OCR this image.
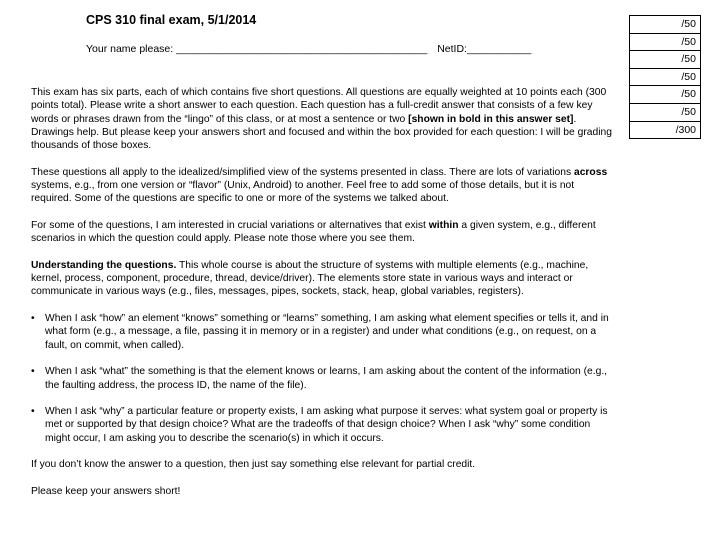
CPS 310 final exam, 5/1/2014
Your name please: ___________________________________________ NetID:___________
/50
/50
/50
/50
/50
/50
/300

This exam has six parts, each of which contains five short questions. All questions are equally weighted at 10 points each (300 points total). Please write a short answer to each question. Each question has a full-credit answer that consists of a few key words or phrases drawn from the “lingo” of this class, or at most a sentence or two [shown in bold in this answer set]. Drawings help. But please keep your answers short and focused and within the box provided for each question: I will be grading thousands of those boxes.

These questions all apply to the idealized/simplified view of the systems presented in class. There are lots of variations across systems, e.g., from one version or “flavor” (Unix, Android) to another. Feel free to add some of those details, but it is not required. Some of the questions are specific to one or more of the systems we talked about.

For some of the questions, I am interested in crucial variations or alternatives that exist within a given system, e.g., different scenarios in which the question could apply. Please note those where you see them.

Understanding the questions. This whole course is about the structure of systems with multiple elements (e.g., machine, kernel, process, component, procedure, thread, device/driver). The elements store state in various ways and interact or communicate in various ways (e.g., files, messages, pipes, sockets, stack, heap, global variables, registers).

• When I ask “how” an element “knows” something or “learns” something, I am asking what element specifies or tells it, and in what form (e.g., a message, a file, passing it in memory or in a register) and under what conditions (e.g., on request, on a fault, on commit, when called).
• When I ask “what” the something is that the element knows or learns, I am asking about the content of the information (e.g., the faulting address, the process ID, the name of the file).
• When I ask “why” a particular feature or property exists, I am asking what purpose it serves: what system goal or property is met or supported by that design choice? What are the tradeoffs of that design choice? When I ask “why” some condition might occur, I am asking you to describe the scenario(s) in which it occurs.

If you don’t know the answer to a question, then just say something else relevant for partial credit.

Please keep your answers short!
